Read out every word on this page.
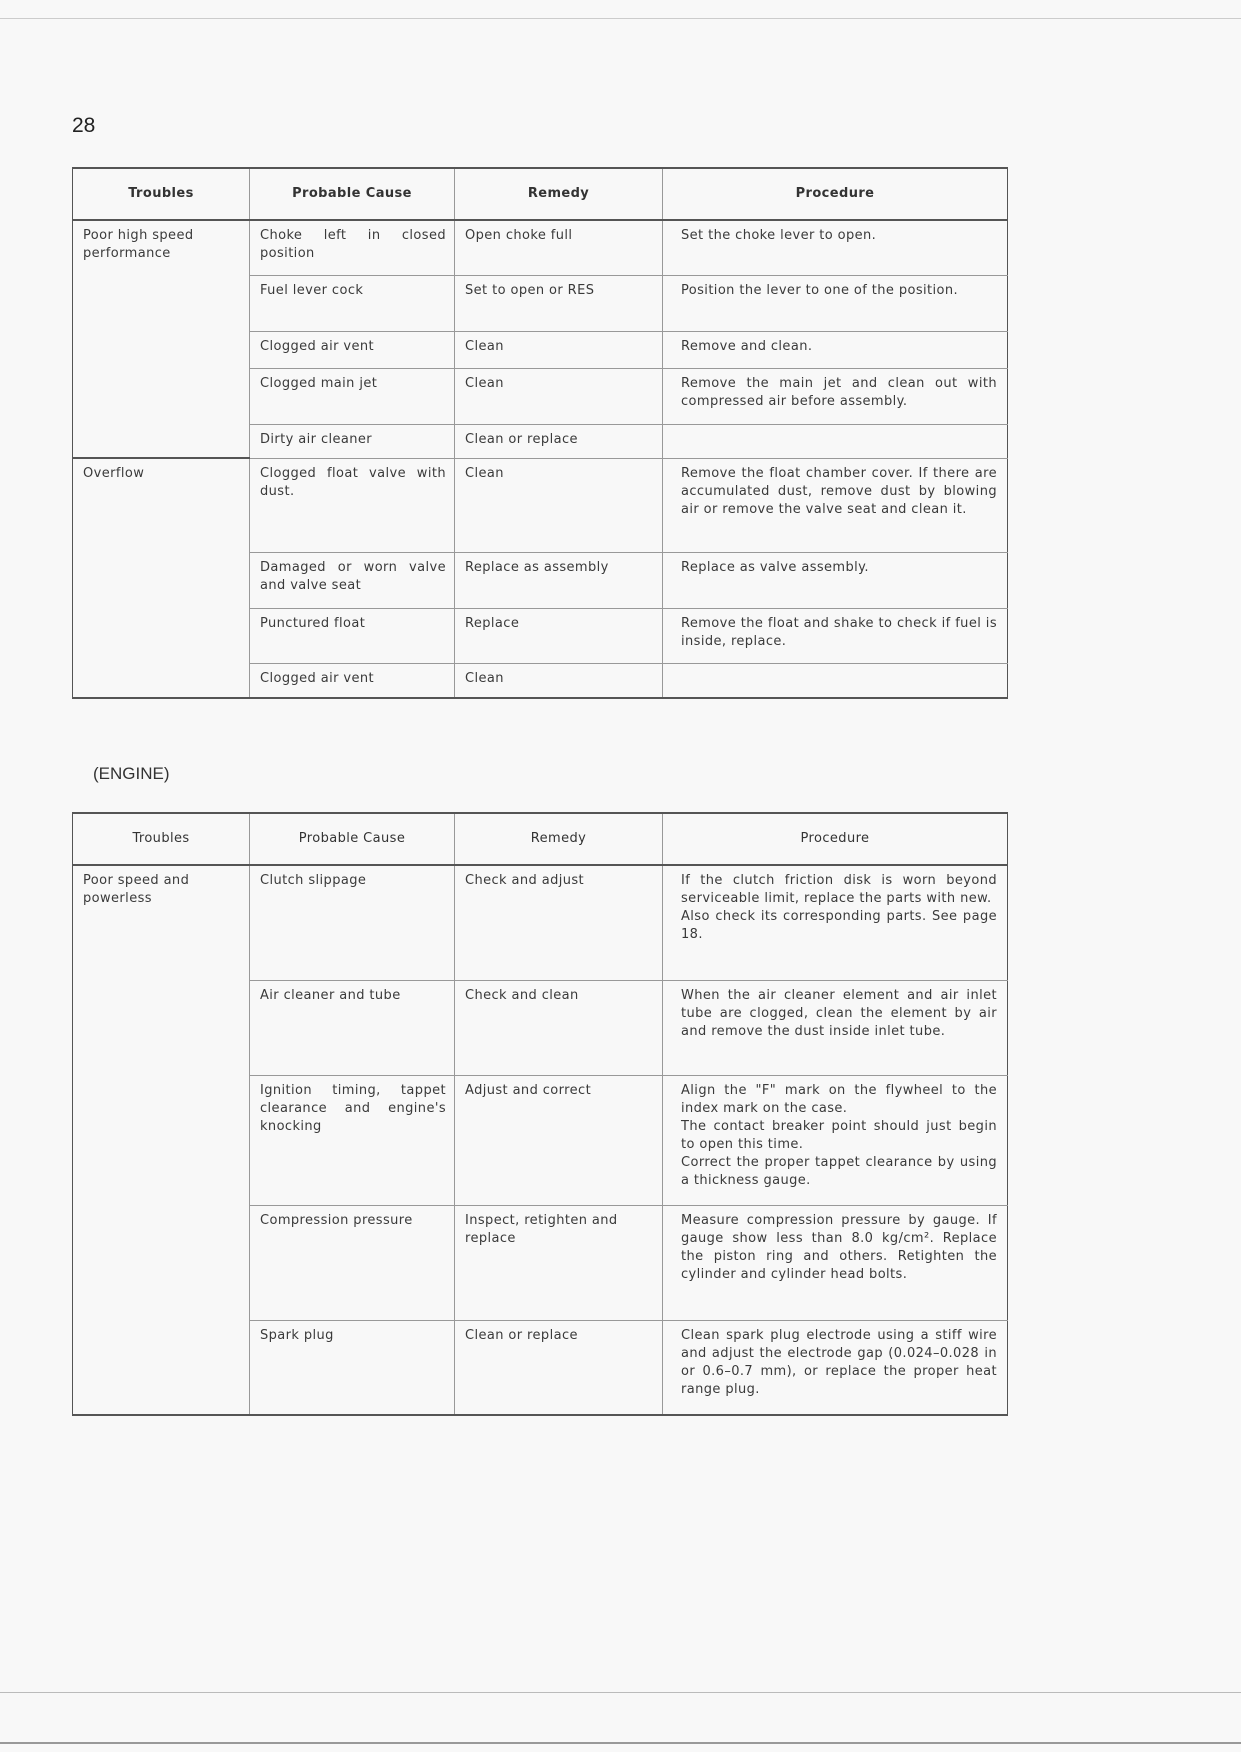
28
Troubles	Probable Cause	Remedy	Procedure
Poor high speed performance	Choke left in closed position	Open choke full	Set the choke lever to open.
	Fuel lever cock	Set to open or RES	Position the lever to one of the position.
	Clogged air vent	Clean	Remove and clean.
	Clogged main jet	Clean	Remove the main jet and clean out with compressed air before assembly.
	Dirty air cleaner	Clean or replace	
Overflow	Clogged float valve with dust.	Clean	Remove the float chamber cover. If there are accumulated dust, remove dust by blowing air or remove the valve seat and clean it.
	Damaged or worn valve and valve seat	Replace as assembly	Replace as valve assembly.
	Punctured float	Replace	Remove the float and shake to check if fuel is inside, replace.
	Clogged air vent	Clean	
(ENGINE)
Troubles	Probable Cause	Remedy	Procedure
Poor speed and powerless	Clutch slippage	Check and adjust	If the clutch friction disk is worn beyond serviceable limit, replace the parts with new.
Also check its corresponding parts. See page 18.

	Air cleaner and tube	Check and clean	When the air cleaner element and air inlet tube are clogged, clean the element by air and remove the dust inside inlet tube.
	Ignition timing, tappet clearance and engine's knocking	Adjust and correct	Align the "F" mark on the flywheel to the index mark on the case.
The contact breaker point should just begin to open this time.
Correct the proper tappet clearance by using a thickness gauge.

	Compression pressure	Inspect, retighten and replace	Measure compression pressure by gauge. If gauge show less than 8.0 kg/cm². Replace the piston ring and others. Retighten the cylinder and cylinder head bolts.
	Spark plug	Clean or replace	Clean spark plug electrode using a stiff wire and adjust the electrode gap (0.024–0.028 in or 0.6–0.7 mm), or replace the proper heat range plug.
